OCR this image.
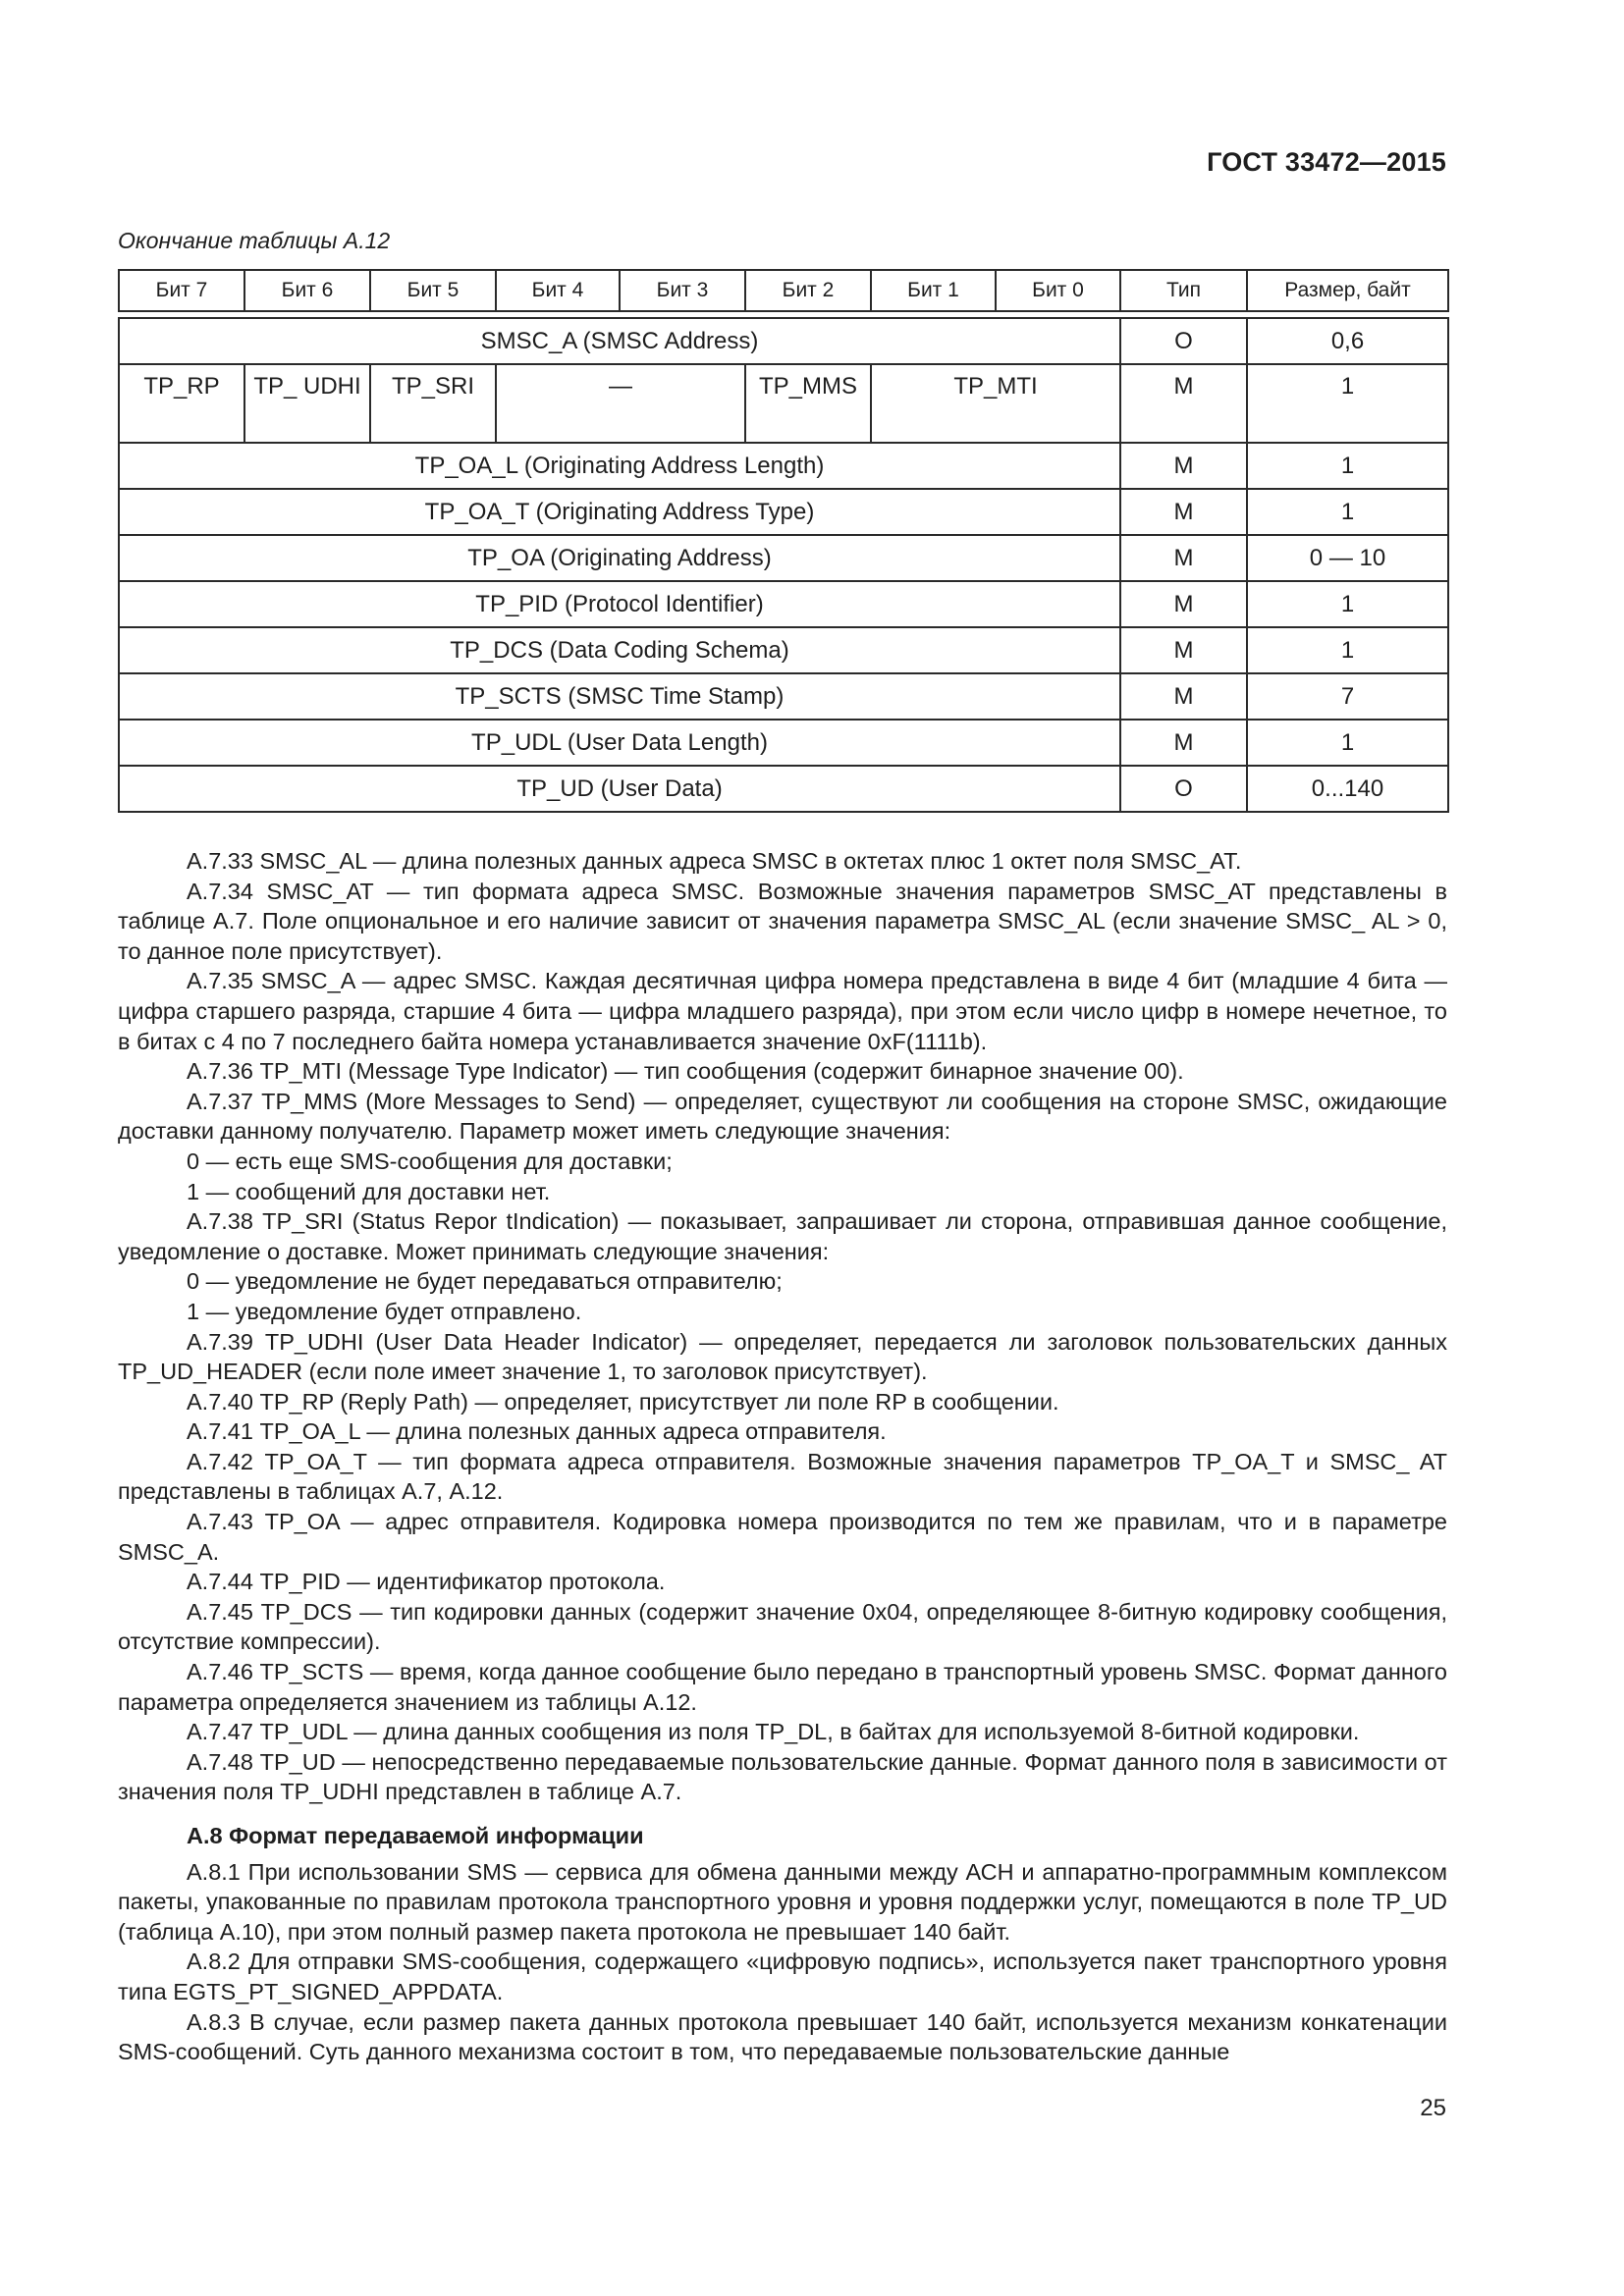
ГОСТ 33472—2015
Окончание таблицы А.12
Бит 7	Бит 6	Бит 5	Бит 4	Бит 3	Бит 2	Бит 1	Бит 0	Тип	Размер, байт

SMSC_A (SMSC Address)								O	0,6
TP_RP	TP_ UDHI	TP_SRI	—		TP_MMS	TP_MTI		M	1
TP_OA_L (Originating Address Length)								M	1
TP_OA_T (Originating Address Type)								M	1
TP_OA (Originating Address)								M	0 — 10
TP_PID (Protocol Identifier)								M	1
TP_DCS (Data Coding Schema)								M	1
TP_SCTS (SMSC Time Stamp)								M	7
TP_UDL (User Data Length)								M	1
TP_UD (User Data)								O	0...140

А.7.33 SMSC_AL — длина полезных данных адреса SMSC в октетах плюс 1 октет поля SMSC_AT.

А.7.34 SMSC_AT — тип формата адреса SMSC. Возможные значения параметров SMSC_AT представлены в таблице А.7. Поле опциональное и его наличие зависит от значения параметра SMSC_AL (если значение SMSC_ AL > 0, то данное поле присутствует).

А.7.35 SMSC_A — адрес SMSC. Каждая десятичная цифра номера представлена в виде 4 бит (младшие 4 бита — цифра старшего разряда, старшие 4 бита — цифра младшего разряда), при этом если число цифр в номере нечетное, то в битах с 4 по 7 последнего байта номера устанавливается значение 0xF(1111b).

А.7.36 TP_MTI (Message Type Indicator) — тип сообщения (содержит бинарное значение 00).

А.7.37 TP_MMS (More Messages to Send) — определяет, существуют ли сообщения на стороне SMSC, ожидающие доставки данному получателю. Параметр может иметь следующие значения:

0 — есть еще SMS-сообщения для доставки;

1 — сообщений для доставки нет.

А.7.38 TP_SRI (Status Repor tIndication) — показывает, запрашивает ли сторона, отправившая данное сообщение, уведомление о доставке. Может принимать следующие значения:

0 — уведомление не будет передаваться отправителю;

1 — уведомление будет отправлено.

А.7.39 TP_UDHI (User Data Header Indicator) — определяет, передается ли заголовок пользовательских данных TP_UD_HEADER (если поле имеет значение 1, то заголовок присутствует).

А.7.40 TP_RP (Reply Path) — определяет, присутствует ли поле RP в сообщении.

А.7.41 TP_OA_L — длина полезных данных адреса отправителя.

А.7.42 TP_OA_T — тип формата адреса отправителя. Возможные значения параметров TP_OA_T и SMSC_ AT представлены в таблицах А.7, А.12.

А.7.43 TP_OA — адрес отправителя. Кодировка номера производится по тем же правилам, что и в параметре SMSC_A.

А.7.44 TP_PID — идентификатор протокола.

А.7.45 TP_DCS — тип кодировки данных (содержит значение 0x04, определяющее 8-битную кодировку сообщения, отсутствие компрессии).

А.7.46 TP_SCTS — время, когда данное сообщение было передано в транспортный уровень SMSC. Формат данного параметра определяется значением из таблицы А.12.

А.7.47 TP_UDL — длина данных сообщения из поля TP_DL, в байтах для используемой 8-битной кодировки.

А.7.48 TP_UD — непосредственно передаваемые пользовательские данные. Формат данного поля в зависимости от значения поля TP_UDHI представлен в таблице А.7.

А.8 Формат передаваемой информации

А.8.1 При использовании SMS — сервиса для обмена данными между АСН и аппаратно-программным комплексом пакеты, упакованные по правилам протокола транспортного уровня и уровня поддержки услуг, помещаются в поле TP_UD (таблица А.10), при этом полный размер пакета протокола не превышает 140 байт.

А.8.2 Для отправки SMS-сообщения, содержащего «цифровую подпись», используется пакет транспортного уровня типа EGTS_PT_SIGNED_APPDATA.

А.8.3 В случае, если размер пакета данных протокола превышает 140 байт, используется механизм конкатенации SMS-сообщений. Суть данного механизма состоит в том, что передаваемые пользовательские данные

25
